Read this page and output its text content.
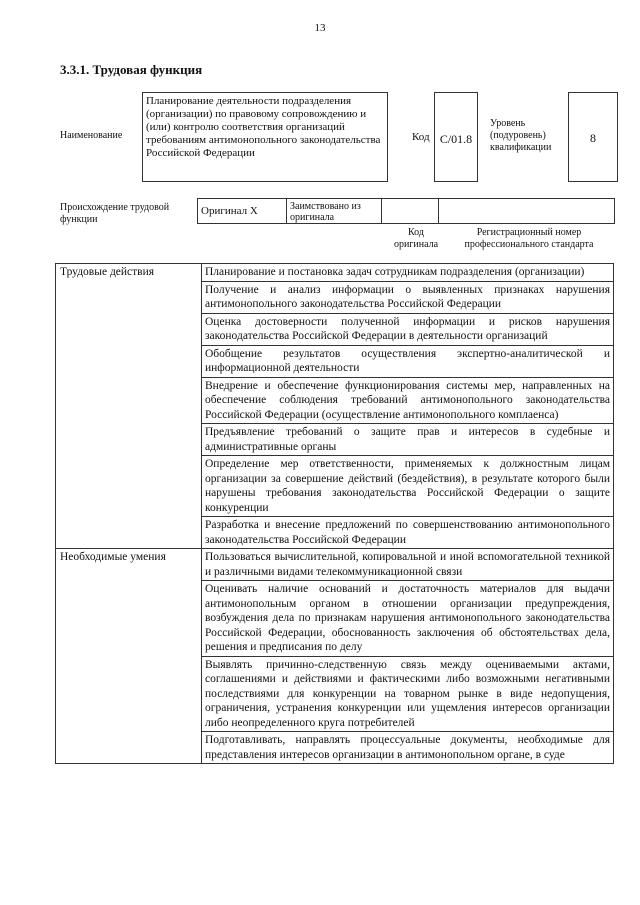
13
3.3.1. Трудовая функция
Наименование
Планирование деятельности подразделения (организации) по правовому сопровождению и (или) контролю соответствия организаций требованиям антимонопольного законодательства Российской Федерации
Код С/01.8
Уровень (подуровень) квалификации
8
Происхождение трудовой функции
Оригинал X	Заимствовано из оригинала
Код оригинала
Регистрационный номер профессионального стандарта
Трудовые действия	Планирование и постановка задач сотрудникам подразделения (организации)
	Получение и анализ информации о выявленных признаках нарушения антимонопольного законодательства Российской Федерации
	Оценка достоверности полученной информации и рисков нарушения законодательства Российской Федерации в деятельности организаций
	Обобщение результатов осуществления экспертно-аналитической и информационной деятельности
	Внедрение и обеспечение функционирования системы мер, направленных на обеспечение соблюдения требований антимонопольного законодательства Российской Федерации (осуществление антимонопольного комплаенса)
	Предъявление требований о защите прав и интересов в судебные и административные органы
	Определение мер ответственности, применяемых к должностным лицам организации за совершение действий (бездействия), в результате которого были нарушены требования законодательства Российской Федерации о защите конкуренции
	Разработка и внесение предложений по совершенствованию антимонопольного законодательства Российской Федерации
Необходимые умения	Пользоваться вычислительной, копировальной и иной вспомогательной техникой и различными видами телекоммуникационной связи
	Оценивать наличие оснований и достаточность материалов для выдачи антимонопольным органом в отношении организации предупреждения, возбуждения дела по признакам нарушения антимонопольного законодательства Российской Федерации, обоснованность заключения об обстоятельствах дела, решения и предписания по делу
	Выявлять причинно-следственную связь между оцениваемыми актами, соглашениями и действиями и фактическими либо возможными негативными последствиями для конкуренции на товарном рынке в виде недопущения, ограничения, устранения конкуренции или ущемления интересов организации либо неопределенного круга потребителей
	Подготавливать, направлять процессуальные документы, необходимые для представления интересов организации в антимонопольном органе, в суде
